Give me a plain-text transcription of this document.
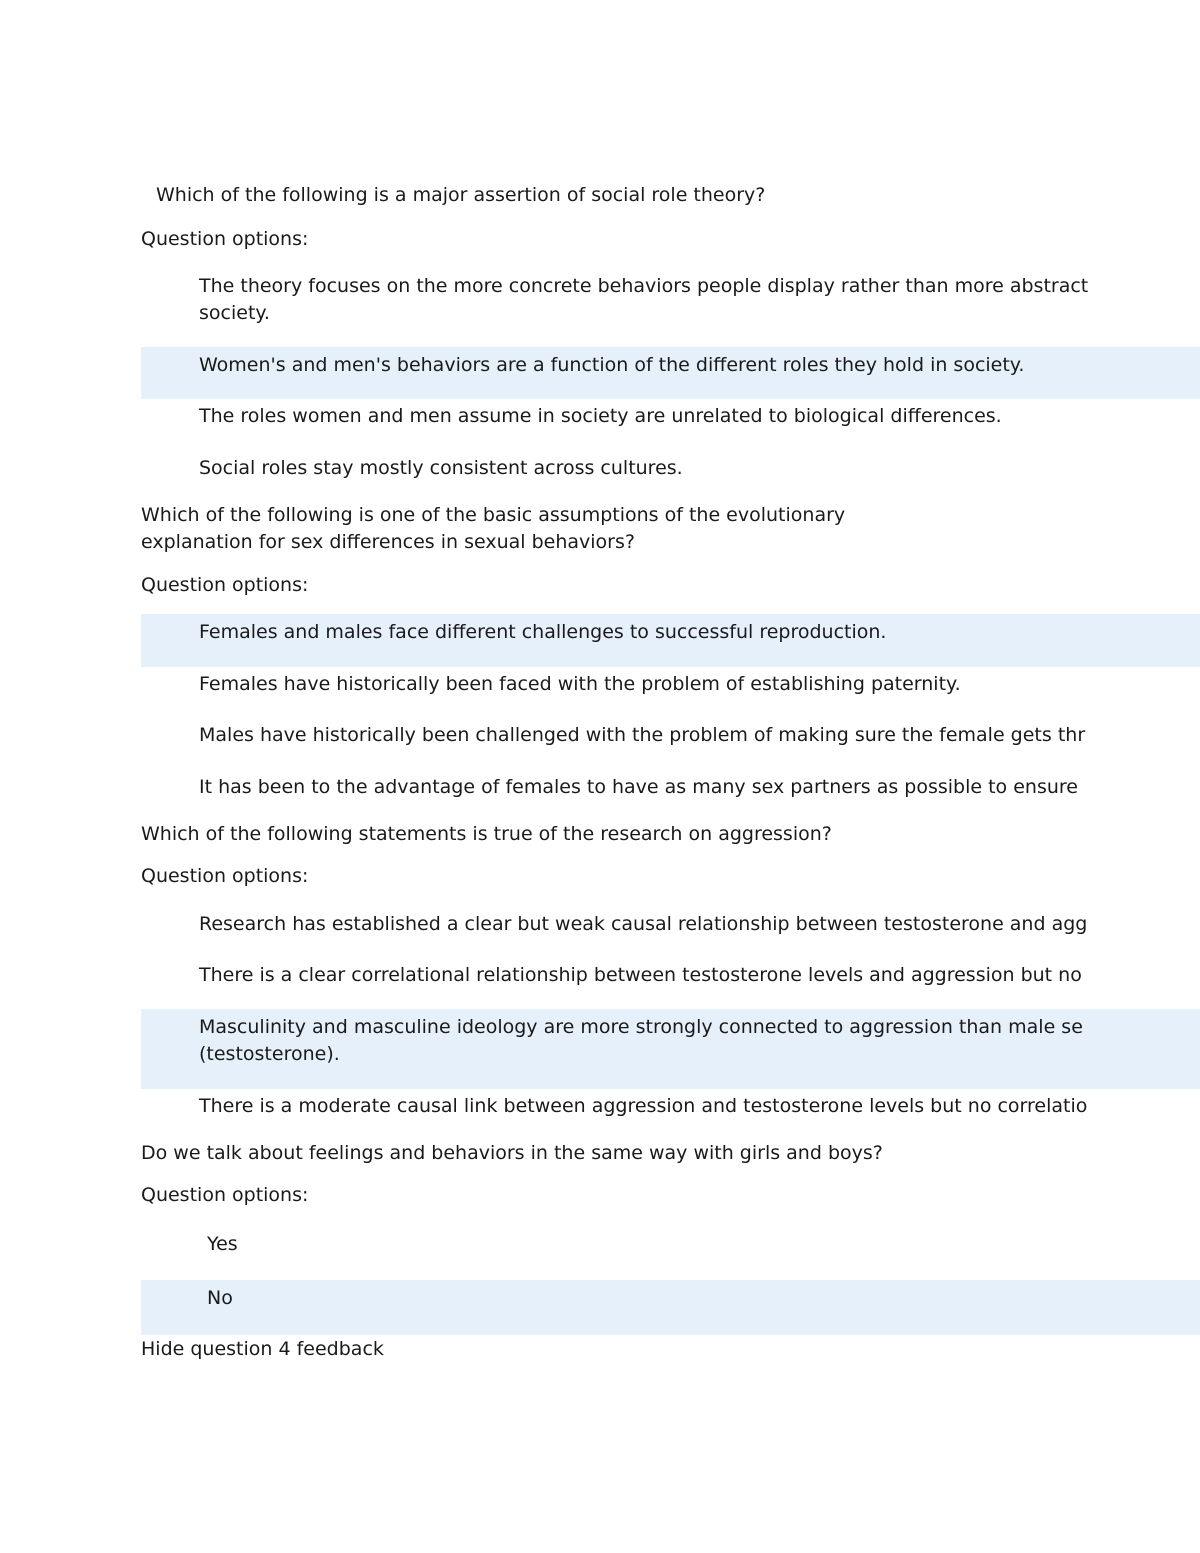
Which of the following is a major assertion of social role theory?
Question options:
The theory focuses on the more concrete behaviors people display rather than more abstract
society.
Women's and men's behaviors are a function of the different roles they hold in society.
The roles women and men assume in society are unrelated to biological differences.
Social roles stay mostly consistent across cultures.
Which of the following is one of the basic assumptions of the evolutionary
explanation for sex differences in sexual behaviors?
Question options:
Females and males face different challenges to successful reproduction.
Females have historically been faced with the problem of establishing paternity.
Males have historically been challenged with the problem of making sure the female gets thr
It has been to the advantage of females to have as many sex partners as possible to ensure
Which of the following statements is true of the research on aggression?
Question options:
Research has established a clear but weak causal relationship between testosterone and agg
There is a clear correlational relationship between testosterone levels and aggression but no
Masculinity and masculine ideology are more strongly connected to aggression than male se
(testosterone).
There is a moderate causal link between aggression and testosterone levels but no correlatio
Do we talk about feelings and behaviors in the same way with girls and boys?
Question options:
Yes
No
Hide question 4 feedback
